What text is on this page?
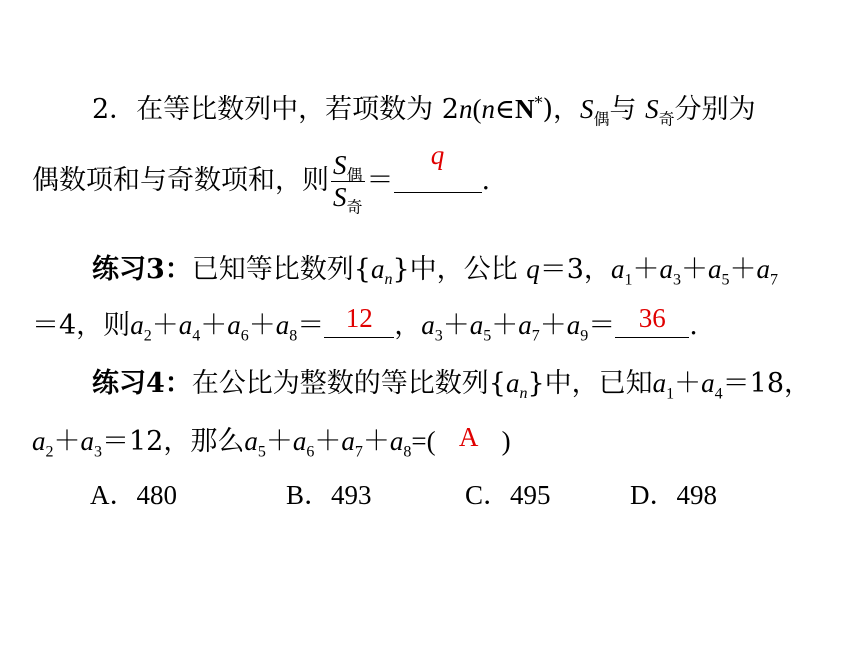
2．在等比数列中，若项数为 2n(n∈N*)，$S_偶$与 $S_奇$分别为
偶数项和与奇数项和，则 $\frac{S_偶}{S_奇}$ ＝
q
.
练习3：已知等比数列$\{a_n\}$中，公比 q＝3，$a_1+a_3+a_5+a_7$
＝4，则$a_2+a_4+a_6+a_8= 12$ ，$a_3+a_5+a_7+a_9= 36$ .
练习4：在公比为整数的等比数列$\{a_n\}$中，已知$a_1+a_4=18$，
$a_2+a_3=12$，那么$a_5+a_6+a_7+a_8=$( A )
A．480	B．493	C．495	D．498
